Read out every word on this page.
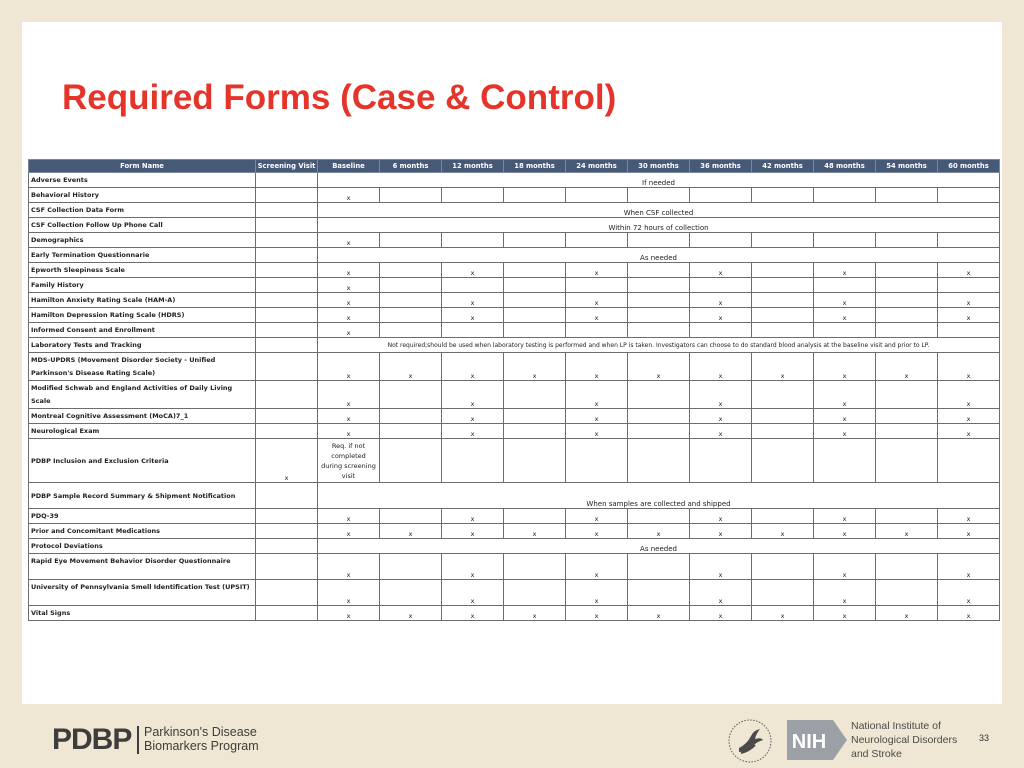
Required Forms (Case & Control)
Form Name	Screening Visit	Baseline	6 months	12 months	18 months	24 months	30 months	36 months	42 months	48 months	54 months	60 months
Adverse Events		If needed										
Behavioral History		x										
CSF Collection Data Form		When CSF collected										
CSF Collection Follow Up Phone Call		Within 72 hours of collection										
Demographics		x										
Early Termination Questionnarie		As needed										
Epworth Sleepiness Scale		x		x		x		x		x		x
Family History		x										
Hamilton Anxiety Rating Scale (HAM-A)		x		x		x		x		x		x
Hamilton Depression Rating Scale (HDRS)		x		x		x		x		x		x
Informed Consent and Enrollment		x										
Laboratory Tests and Tracking		Not required;should be used when laboratory testing is performed and when LP is taken. Investigators can choose to do standard blood analysis at the baseline visit and prior to LP.										
MDS-UPDRS (Movement Disorder Society - Unified Parkinson's Disease Rating Scale)		x	x	x	x	x	x	x	x	x	x	x
Modified Schwab and England Activities of Daily Living Scale		x		x		x		x		x		x
Montreal Cognitive Assessment (MoCA)7_1		x		x		x		x		x		x
Neurological Exam		x		x		x		x		x		x
PDBP Inclusion and Exclusion Criteria	x	Req. if not completed during screening visit										
PDBP Sample Record Summary & Shipment Notification		When samples are collected and shipped										
PDQ-39		x		x		x		x		x		x
Prior and Concomitant Medications		x	x	x	x	x	x	x	x	x	x	x
Protocol Deviations		As needed										
Rapid Eye Movement Behavior Disorder Questionnaire		x		x		x		x		x		x
University of Pennsylvania Smell Identification Test (UPSIT)		x		x		x		x		x		x
Vital Signs		x	x	x	x	x	x	x	x	x	x	x
PDBP Parkinson's Disease
Biomarkers Program	NIH
National Institute of
Neurological Disorders
and Stroke
33
